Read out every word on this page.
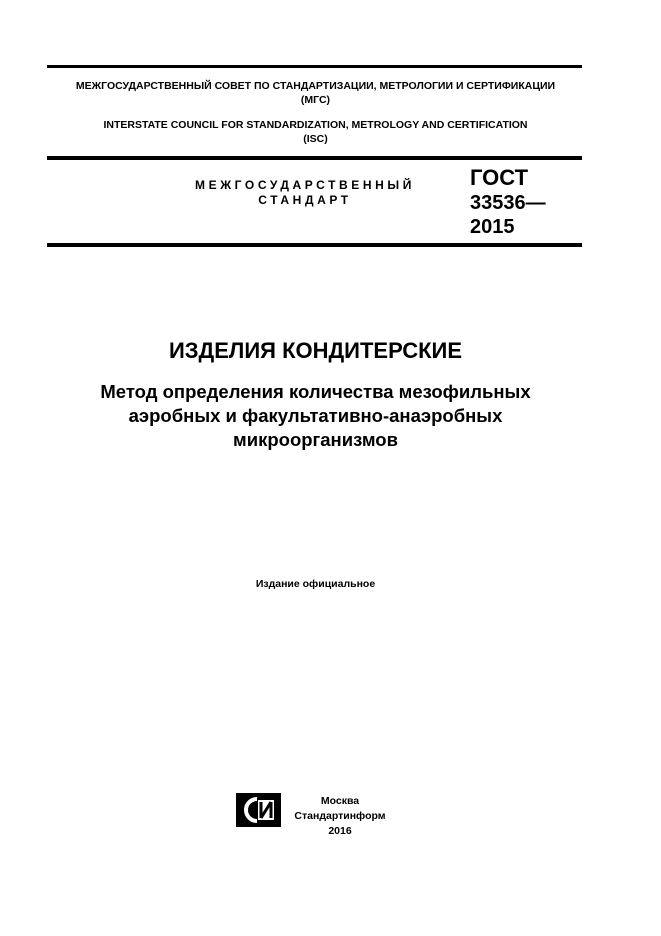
МЕЖГОСУДАРСТВЕННЫЙ СОВЕТ ПО СТАНДАРТИЗАЦИИ, МЕТРОЛОГИИ И СЕРТИФИКАЦИИ
(МГС)
INTERSTATE COUNCIL FOR STANDARDIZATION, METROLOGY AND CERTIFICATION
(ISC)
МЕЖГОСУДАРСТВЕННЫЙ
СТАНДАРТ
ГОСТ
33536—
2015
ИЗДЕЛИЯ КОНДИТЕРСКИЕ
Метод определения количества мезофильных
аэробных и факультативно-анаэробных
микроорганизмов
Издание официальное
Москва
Стандартинформ
2016
